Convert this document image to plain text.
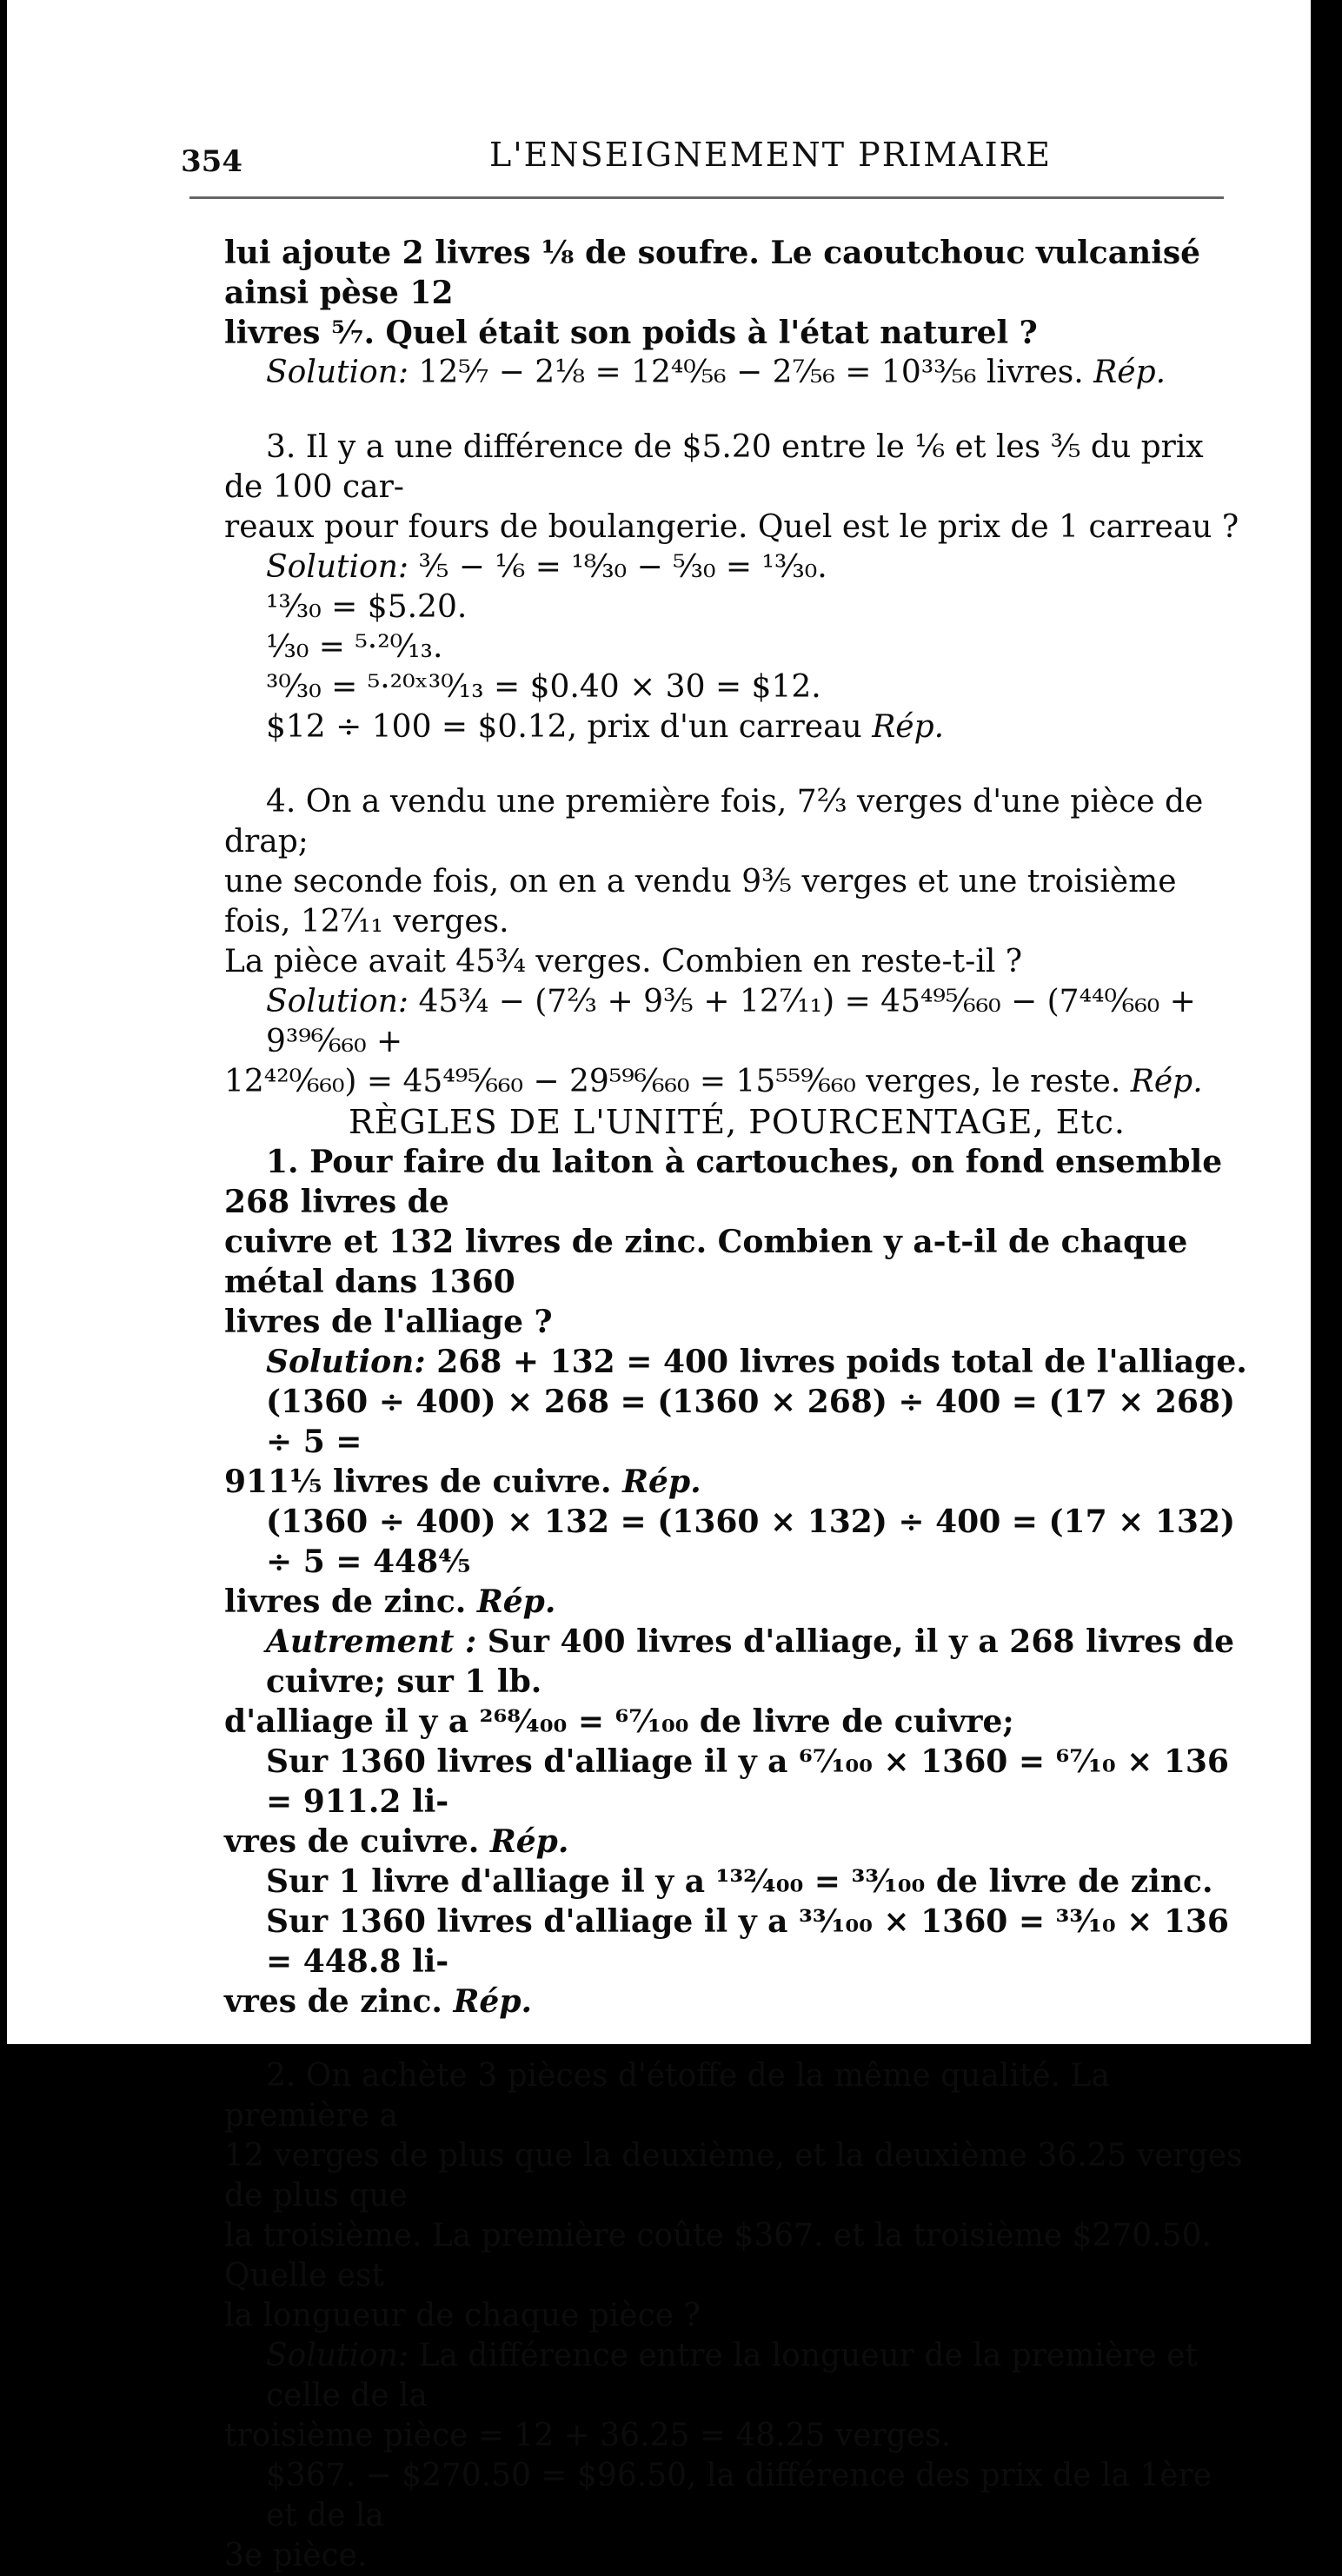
354	L'ENSEIGNEMENT PRIMAIRE

lui ajoute 2 livres ⅛ de soufre. Le caoutchouc vulcanisé ainsi pèse 12

livres ⁵⁄₇. Quel était son poids à l'état naturel ?

Solution: 12⁵⁄₇ − 2⅛ = 12⁴⁰⁄₅₆ − 2⁷⁄₅₆ = 10³³⁄₅₆ livres. Rép.

3. Il y a une différence de $5.20 entre le ⅙ et les ⅗ du prix de 100 car-

reaux pour fours de boulangerie. Quel est le prix de 1 carreau ?

Solution: ⅗ − ⅙ = ¹⁸⁄₃₀ − ⁵⁄₃₀ = ¹³⁄₃₀.

¹³⁄₃₀ = $5.20.

¹⁄₃₀ = ⁵·²⁰⁄₁₃.

³⁰⁄₃₀ = ⁵·²⁰ˣ³⁰⁄₁₃ = $0.40 × 30 = $12.

$12 ÷ 100 = $0.12, prix d'un carreau Rép.

4. On a vendu une première fois, 7⅔ verges d'une pièce de drap;

une seconde fois, on en a vendu 9⅗ verges et une troisième fois, 12⁷⁄₁₁ verges.

La pièce avait 45¾ verges. Combien en reste-t-il ?

Solution: 45¾ − (7⅔ + 9⅗ + 12⁷⁄₁₁) = 45⁴⁹⁵⁄₆₆₀ − (7⁴⁴⁰⁄₆₆₀ + 9³⁹⁶⁄₆₆₀ +

12⁴²⁰⁄₆₆₀) = 45⁴⁹⁵⁄₆₆₀ − 29⁵⁹⁶⁄₆₆₀ = 15⁵⁵⁹⁄₆₆₀ verges, le reste. Rép.

RÈGLES DE L'UNITÉ, POURCENTAGE, Etc.

1. Pour faire du laiton à cartouches, on fond ensemble 268 livres de

cuivre et 132 livres de zinc. Combien y a-t-il de chaque métal dans 1360

livres de l'alliage ?

Solution: 268 + 132 = 400 livres poids total de l'alliage.

(1360 ÷ 400) × 268 = (1360 × 268) ÷ 400 = (17 × 268) ÷ 5 =

911⅕ livres de cuivre. Rép.

(1360 ÷ 400) × 132 = (1360 × 132) ÷ 400 = (17 × 132) ÷ 5 = 448⅘

livres de zinc. Rép.

Autrement : Sur 400 livres d'alliage, il y a 268 livres de cuivre; sur 1 lb.

d'alliage il y a ²⁶⁸⁄₄₀₀ = ⁶⁷⁄₁₀₀ de livre de cuivre;

Sur 1360 livres d'alliage il y a ⁶⁷⁄₁₀₀ × 1360 = ⁶⁷⁄₁₀ × 136 = 911.2 li-

vres de cuivre. Rép.

Sur 1 livre d'alliage il y a ¹³²⁄₄₀₀ = ³³⁄₁₀₀ de livre de zinc.

Sur 1360 livres d'alliage il y a ³³⁄₁₀₀ × 1360 = ³³⁄₁₀ × 136 = 448.8 li-

vres de zinc. Rép.

2. On achète 3 pièces d'étoffe de la même qualité. La première a

12 verges de plus que la deuxième, et la deuxième 36.25 verges de plus que

la troisième. La première coûte $367. et la troisième $270.50. Quelle est

la longueur de chaque pièce ?

Solution: La différence entre la longueur de la première et celle de la

troisième pièce = 12 + 36.25 = 48.25 verges.

$367. − $270.50 = $96.50, la différence des prix de la 1ère et de la

3e pièce.
